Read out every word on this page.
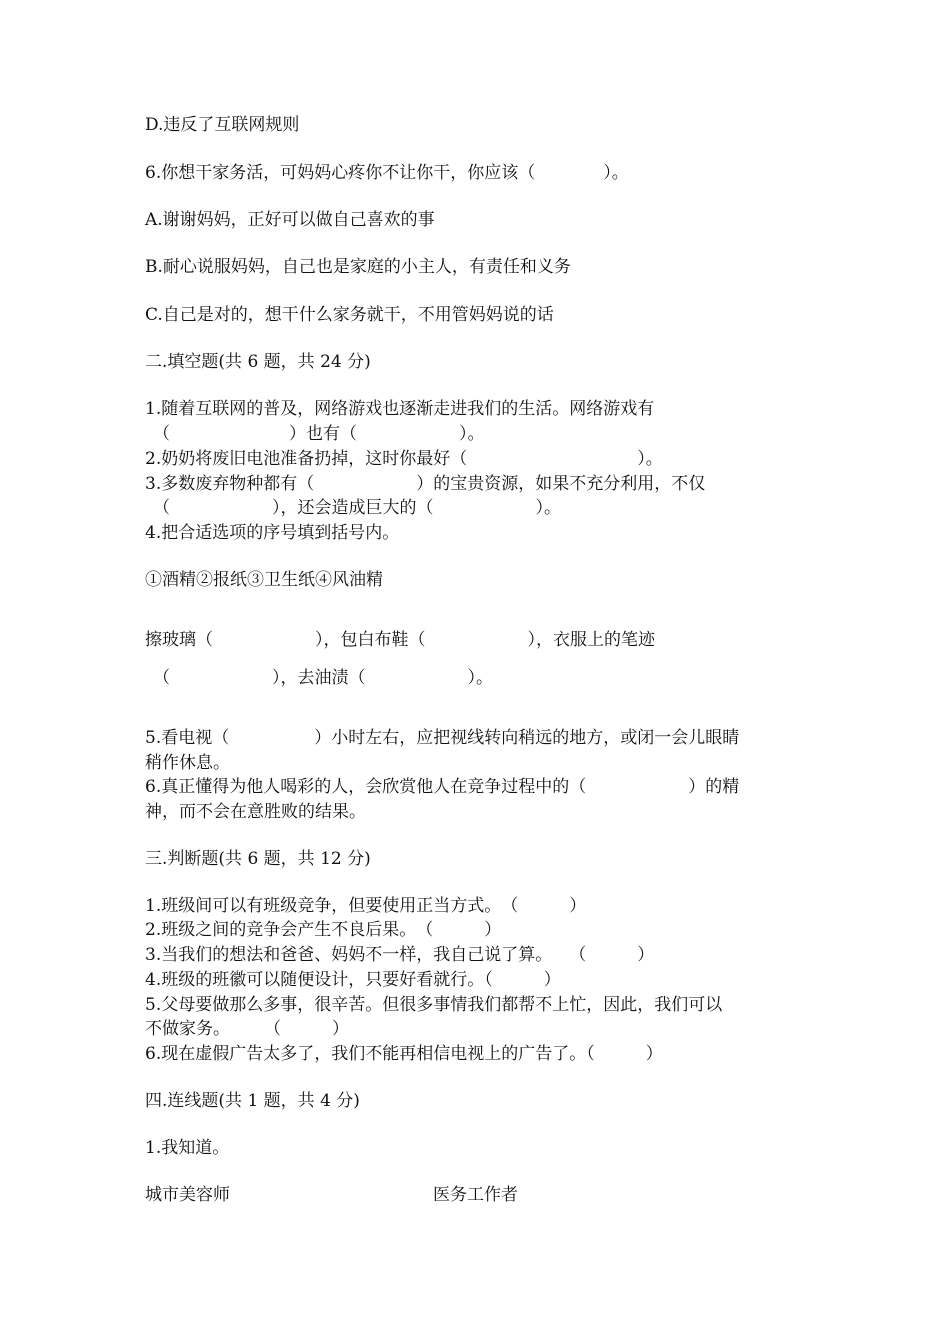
D.违反了互联网规则
6.你想干家务活，可妈妈心疼你不让你干，你应该（　　　　）。
A.谢谢妈妈，正好可以做自己喜欢的事
B.耐心说服妈妈，自己也是家庭的小主人，有责任和义务
C.自己是对的，想干什么家务就干，不用管妈妈说的话
二.填空题(共 6 题，共 24 分)
1.随着互联网的普及，网络游戏也逐渐走进我们的生活。网络游戏有
（　　　　　　　）也有（　　　　　　）。
2.奶奶将废旧电池准备扔掉，这时你最好（　　　　　　　　　　）。
3.多数废弃物种都有（　　　　　　）的宝贵资源，如果不充分利用，不仅
（　　　　　　），还会造成巨大的（　　　　　　）。
4.把合适选项的序号填到括号内。
①酒精②报纸③卫生纸④风油精
擦玻璃（　　　　　　），包白布鞋（　　　　　　），衣服上的笔迹
（　　　　　　），去油渍（　　　　　　）。
5.看电视（　　　　　）小时左右，应把视线转向稍远的地方，或闭一会儿眼睛
稍作休息。
6.真正懂得为他人喝彩的人，会欣赏他人在竞争过程中的（　　　　　　）的精
神，而不会在意胜败的结果。
三.判断题(共 6 题，共 12 分)
1.班级间可以有班级竞争，但要使用正当方式。　（　　　）
2.班级之间的竞争会产生不良后果。　（　　　）
3.当我们的想法和爸爸、妈妈不一样，我自己说了算。　　（　　　）
4.班级的班徽可以随便设计，只要好看就行。（　　　）
5.父母要做那么多事，很辛苦。但很多事情我们都帮不上忙，因此，我们可以
不做家务。　　　（　　　）
6.现在虚假广告太多了，我们不能再相信电视上的广告了。（　　　）
四.连线题(共 1 题，共 4 分)
1.我知道。
城市美容师	医务工作者
